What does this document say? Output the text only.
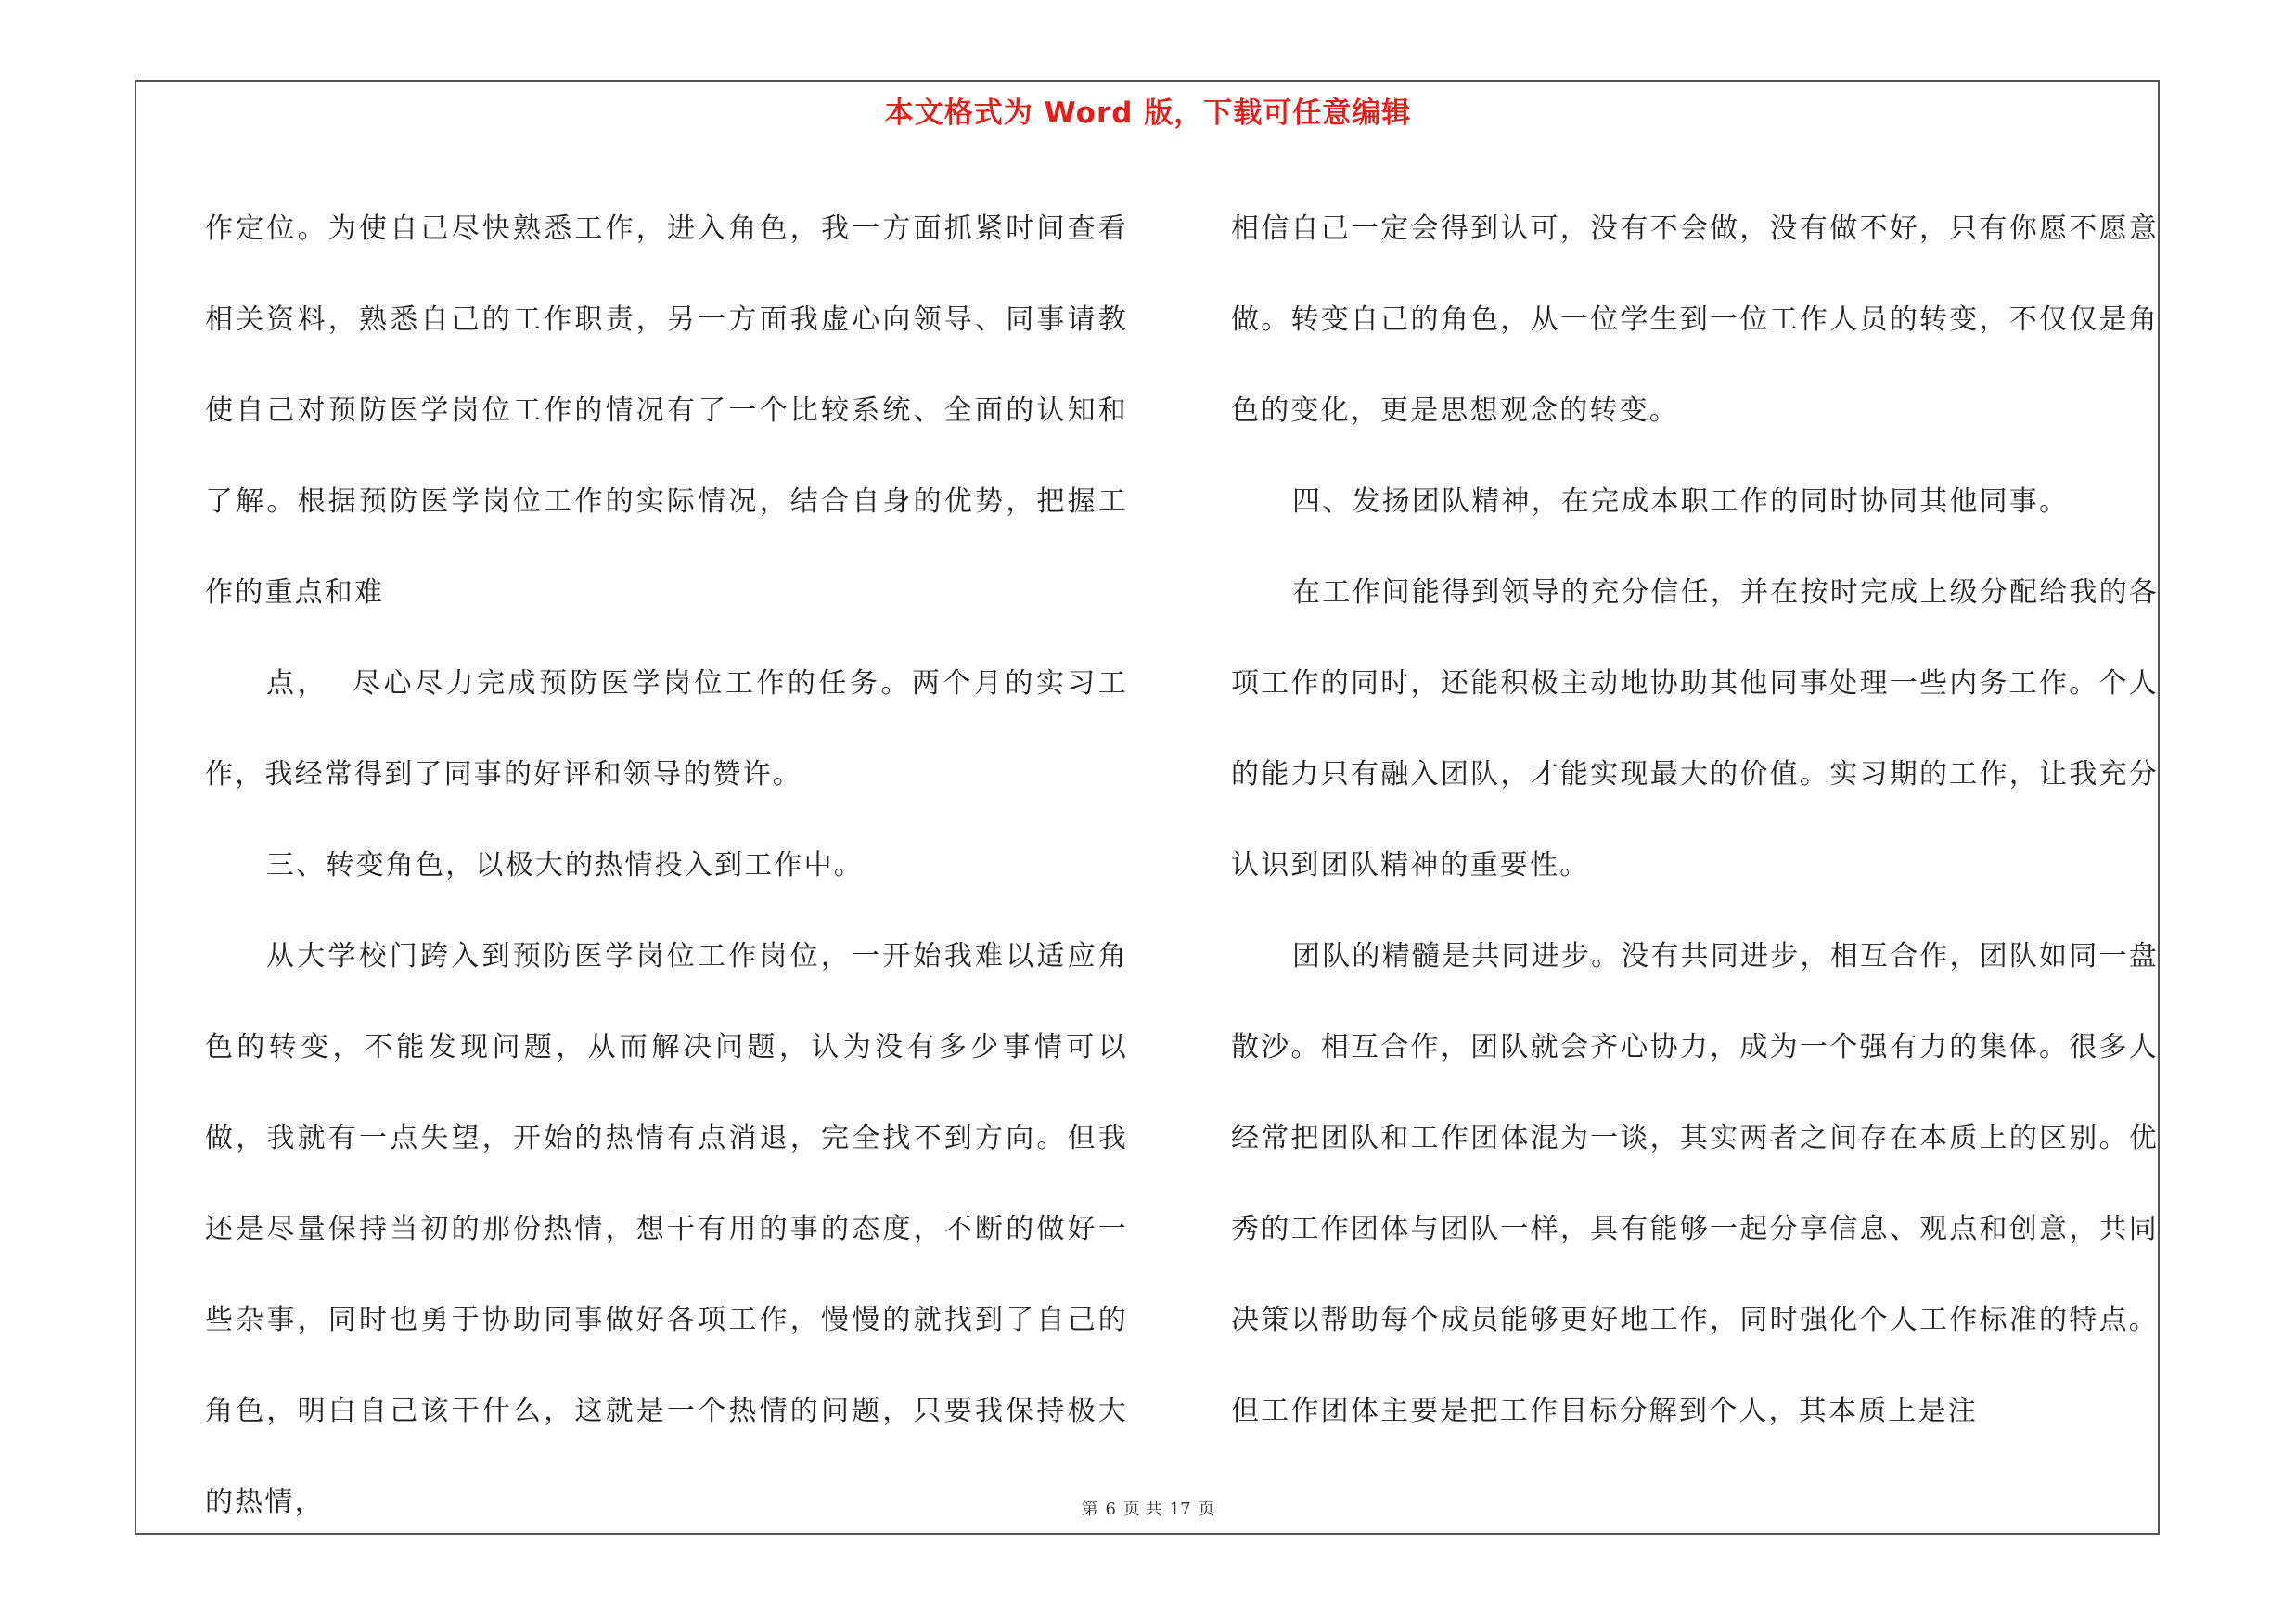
本文格式为 Word 版，下载可任意编辑

作定位。为使自己尽快熟悉工作，进入角色，我一方面抓紧时间查看相关资料，熟悉自己的工作职责，另一方面我虚心向领导、同事请教使自己对预防医学岗位工作的情况有了一个比较系统、全面的认知和了解。根据预防医学岗位工作的实际情况，结合自身的优势，把握工作的重点和难

点，  尽心尽力完成预防医学岗位工作的任务。两个月的实习工作，我经常得到了同事的好评和领导的赞许。

三、转变角色，以极大的热情投入到工作中。

从大学校门跨入到预防医学岗位工作岗位，一开始我难以适应角色的转变，不能发现问题，从而解决问题，认为没有多少事情可以做，我就有一点失望，开始的热情有点消退，完全找不到方向。但我还是尽量保持当初的那份热情，想干有用的事的态度，不断的做好一些杂事，同时也勇于协助同事做好各项工作，慢慢的就找到了自己的角色，明白自己该干什么，这就是一个热情的问题，只要我保持极大的热情，

相信自己一定会得到认可，没有不会做，没有做不好，只有你愿不愿意做。转变自己的角色，从一位学生到一位工作人员的转变，不仅仅是角色的变化，更是思想观念的转变。

四、发扬团队精神，在完成本职工作的同时协同其他同事。

在工作间能得到领导的充分信任，并在按时完成上级分配给我的各项工作的同时，还能积极主动地协助其他同事处理一些内务工作。个人的能力只有融入团队，才能实现最大的价值。实习期的工作，让我充分认识到团队精神的重要性。

团队的精髓是共同进步。没有共同进步，相互合作，团队如同一盘散沙。相互合作，团队就会齐心协力，成为一个强有力的集体。很多人经常把团队和工作团体混为一谈，其实两者之间存在本质上的区别。优秀的工作团体与团队一样，具有能够一起分享信息、观点和创意，共同决策以帮助每个成员能够更好地工作，同时强化个人工作标准的特点。但工作团体主要是把工作目标分解到个人，其本质上是注

第 6 页 共 17 页
